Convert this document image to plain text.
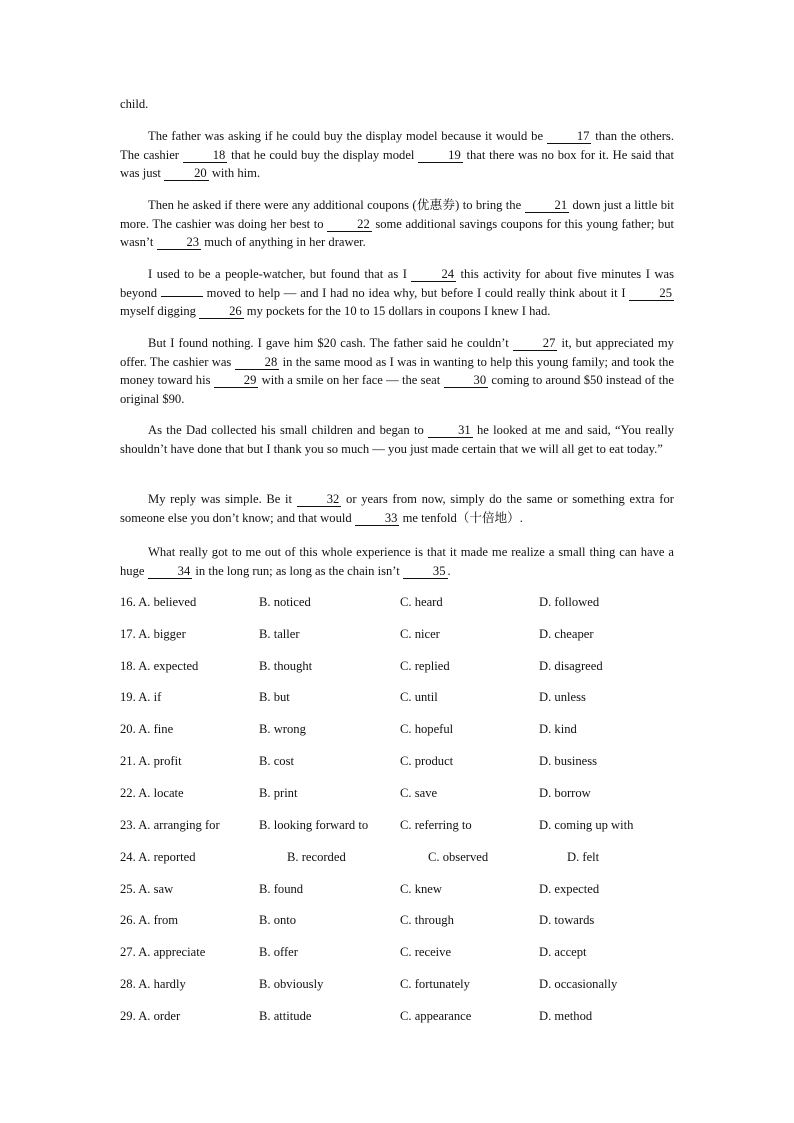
child.
The father was asking if he could buy the display model because it would be 17 than the others. The cashier 18 that he could buy the display model 19 that there was no box for it. He said that was just 20 with him.
Then he asked if there were any additional coupons (优惠券) to bring the 21 down just a little bit more. The cashier was doing her best to 22 some additional savings coupons for this young father; but wasn’t 23 much of anything in her drawer.
I used to be a people-watcher, but found that as I 24 this activity for about five minutes I was beyond	moved to help — and I had no idea why, but before I could really think about it I 25 myself digging 26 my pockets for the 10 to 15 dollars in coupons I knew I had.
But I found nothing. I gave him $20 cash. The father said he couldn’t 27 it, but appreciated my offer. The cashier was 28 in the same mood as I was in wanting to help this young family; and took the money toward his 29 with a smile on her face — the seat 30 coming to around $50 instead of the original $90.
As the Dad collected his small children and began to 31 he looked at me and said, “You really shouldn’t have done that but I thank you so much — you just made certain that we will all get to eat today.”
My reply was simple. Be it 32 or years from now, simply do the same or something extra for someone else you don’t know; and that would 33 me tenfold（十倍地）.
What really got to me out of this whole experience is that it made me realize a small thing can have a huge 34 in the long run; as long as the chain isn’t 35 .
16. A. believed	B. noticed	C. heard	D. followed
17. A. bigger	B. taller	C. nicer	D. cheaper
18. A. expected	B. thought	C. replied	D. disagreed
19. A. if	B. but	C. until	D. unless
20. A. fine	B. wrong	C. hopeful	D. kind
21. A. profit	B. cost	C. product	D. business
22. A. locate	B. print	C. save	D. borrow
23. A. arranging for	B. looking forward to	C. referring to	D. coming up with
24. A. reported	B. recorded	C. observed	D. felt
25. A. saw	B. found	C. knew	D. expected
26. A. from	B. onto	C. through	D. towards
27. A. appreciate	B. offer	C. receive	D. accept
28. A. hardly	B. obviously	C. fortunately	D. occasionally
29. A. order	B. attitude	C. appearance	D. method
